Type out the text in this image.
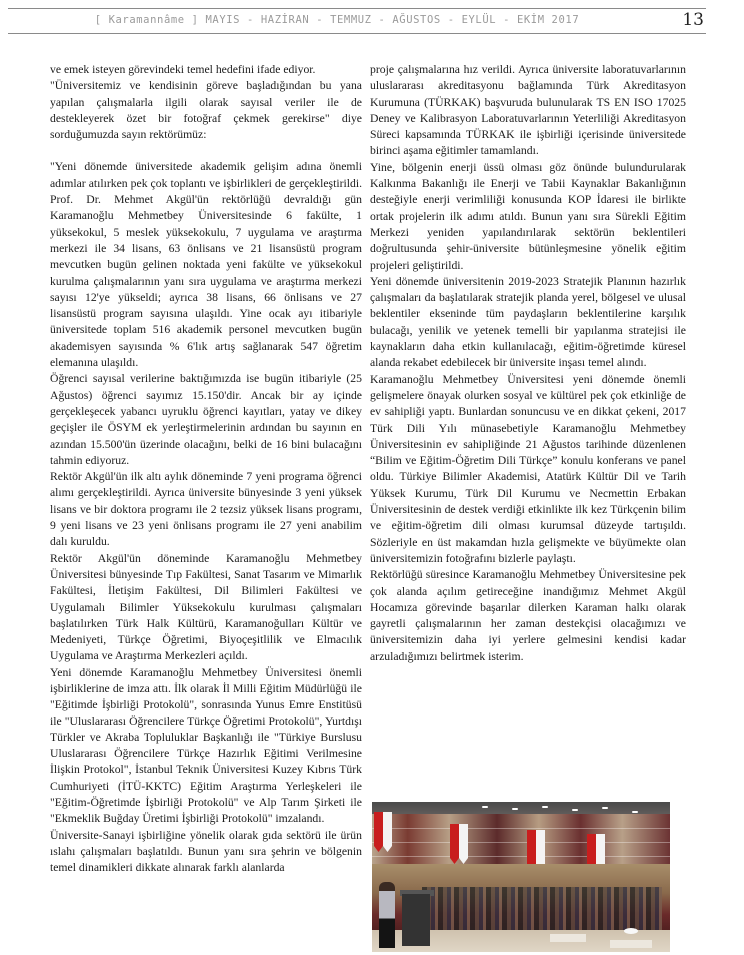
[ Karamannâme ] MAYIS - HAZİRAN - TEMMUZ - AĞUSTOS - EYLÜL - EKİM 2017	13

ve emek isteyen görevindeki temel hedefini ifade ediyor.

"Üniversitemiz ve kendisinin göreve başladığından bu yana yapılan çalışmalarla ilgili olarak sayısal veriler ile de destekleyerek özet bir fotoğraf çekmek gerekirse" diye sorduğumuzda sayın rektörümüz:

"Yeni dönemde üniversitede akademik gelişim adına önemli adımlar atılırken pek çok toplantı ve işbirlikleri de gerçekleştirildi. Prof. Dr. Mehmet Akgül'ün rektörlüğü devraldığı gün Karamanoğlu Mehmetbey Üniversitesinde 6 fakülte, 1 yüksekokul, 5 meslek yüksekokulu, 7 uygulama ve araştırma merkezi ile 34 lisans, 63 önlisans ve 21 lisansüstü program mevcutken bugün gelinen noktada yeni fakülte ve yüksekokul kurulma çalışmalarının yanı sıra uygulama ve araştırma merkezi sayısı 12'ye yükseldi; ayrıca 38 lisans, 66 önlisans ve 27 lisansüstü program sayısına ulaşıldı. Yine ocak ayı itibariyle üniversitede toplam 516 akademik personel mevcutken bugün akademisyen sayısında % 6'lık artış sağlanarak 547 öğretim elemanına ulaşıldı.

Öğrenci sayısal verilerine baktığımızda ise bugün itibariyle (25 Ağustos) öğrenci sayımız 15.150'dir. Ancak bir ay içinde gerçekleşecek yabancı uyruklu öğrenci kayıtları, yatay ve dikey geçişler ile ÖSYM ek yerleştirmelerinin ardından bu sayının en azından 15.500'ün üzerinde olacağını, belki de 16 bini bulacağını tahmin ediyoruz.

Rektör Akgül'ün ilk altı aylık döneminde 7 yeni programa öğrenci alımı gerçekleştirildi. Ayrıca üniversite bünyesinde 3 yeni yüksek lisans ve bir doktora programı ile 2 tezsiz yüksek lisans programı, 9 yeni lisans ve 23 yeni önlisans programı ile 27 yeni anabilim dalı kuruldu.

Rektör Akgül'ün döneminde Karamanoğlu Mehmetbey Üniversitesi bünyesinde Tıp Fakültesi, Sanat Tasarım ve Mimarlık Fakültesi, İletişim Fakültesi, Dil Bilimleri Fakültesi ve Uygulamalı Bilimler Yüksekokulu kurulması çalışmaları başlatılırken Türk Halk Kültürü, Karamanoğulları Kültür ve Medeniyeti, Türkçe Öğretimi, Biyoçeşitlilik ve Elmacılık Uygulama ve Araştırma Merkezleri açıldı.

Yeni dönemde Karamanoğlu Mehmetbey Üniversitesi önemli işbirliklerine de imza attı. İlk olarak İl Milli Eğitim Müdürlüğü ile "Eğitimde İşbirliği Protokolü", sonrasında Yunus Emre Enstitüsü ile "Uluslararası Öğrencilere Türkçe Öğretimi Protokolü", Yurtdışı Türkler ve Akraba Topluluklar Başkanlığı ile "Türkiye Burslusu Uluslararası Öğrencilere Türkçe Hazırlık Eğitimi Verilmesine İlişkin Protokol", İstanbul Teknik Üniversitesi Kuzey Kıbrıs Türk Cumhuriyeti (İTÜ-KKTC) Eğitim Araştırma Yerleşkeleri ile "Eğitim-Öğretimde İşbirliği Protokolü" ve Alp Tarım Şirketi ile "Ekmeklik Buğday Üretimi İşbirliği Protokolü" imzalandı.

Üniversite-Sanayi işbirliğine yönelik olarak gıda sektörü ile ürün ıslahı çalışmaları başlatıldı. Bunun yanı sıra şehrin ve bölgenin temel dinamikleri dikkate alınarak farklı alanlarda

proje çalışmalarına hız verildi. Ayrıca üniversite laboratuvarlarının uluslararası akreditasyonu bağlamında Türk Akreditasyon Kurumuna (TÜRKAK) başvuruda bulunularak TS EN ISO 17025 Deney ve Kalibrasyon Laboratuvarlarının Yeterliliği Akreditasyon Süreci kapsamında TÜRKAK ile işbirliği içerisinde üniversitede birinci aşama eğitimler tamamlandı.

Yine, bölgenin enerji üssü olması göz önünde bulundurularak Kalkınma Bakanlığı ile Enerji ve Tabii Kaynaklar Bakanlığının desteğiyle enerji verimliliği konusunda KOP İdaresi ile birlikte ortak projelerin ilk adımı atıldı. Bunun yanı sıra Sürekli Eğitim Merkezi yeniden yapılandırılarak sektörün beklentileri doğrultusunda şehir-üniversite bütünleşmesine yönelik eğitim projeleri geliştirildi.

Yeni dönemde üniversitenin 2019-2023 Stratejik Planının hazırlık çalışmaları da başlatılarak stratejik planda yerel, bölgesel ve ulusal beklentiler ekseninde tüm paydaşların beklentilerine karşılık bulacağı, yenilik ve yetenek temelli bir yapılanma stratejisi ile kaynakların daha etkin kullanılacağı, eğitim-öğretimde küresel alanda rekabet edebilecek bir üniversite inşası temel alındı.

Karamanoğlu Mehmetbey Üniversitesi yeni dönemde önemli gelişmelere önayak olurken sosyal ve kültürel pek çok etkinliğe de ev sahipliği yaptı. Bunlardan sonuncusu ve en dikkat çekeni, 2017 Türk Dili Yılı münasebetiyle Karamanoğlu Mehmetbey Üniversitesinin ev sahipliğinde 21 Ağustos tarihinde düzenlenen “Bilim ve Eğitim-Öğretim Dili Türkçe” konulu konferans ve panel oldu. Türkiye Bilimler Akademisi, Atatürk Kültür Dil ve Tarih Yüksek Kurumu, Türk Dil Kurumu ve Necmettin Erbakan Üniversitesinin de destek verdiği etkinlikte ilk kez Türkçenin bilim ve eğitim-öğretim dili olması kurumsal düzeyde tartışıldı. Sözleriyle en üst makamdan hızla gelişmekte ve büyümekte olan üniversitemizin fotoğrafını bizlerle paylaştı.

Rektörlüğü süresince Karamanoğlu Mehmetbey Üniversitesine pek çok alanda açılım getireceğine inandığımız Mehmet Akgül Hocamıza görevinde başarılar dilerken Karaman halkı olarak gayretli çalışmalarının her zaman destekçisi olacağımızı ve üniversitemizin daha iyi yerlere gelmesini kendisi kadar arzuladığımızı belirtmek isterim.
